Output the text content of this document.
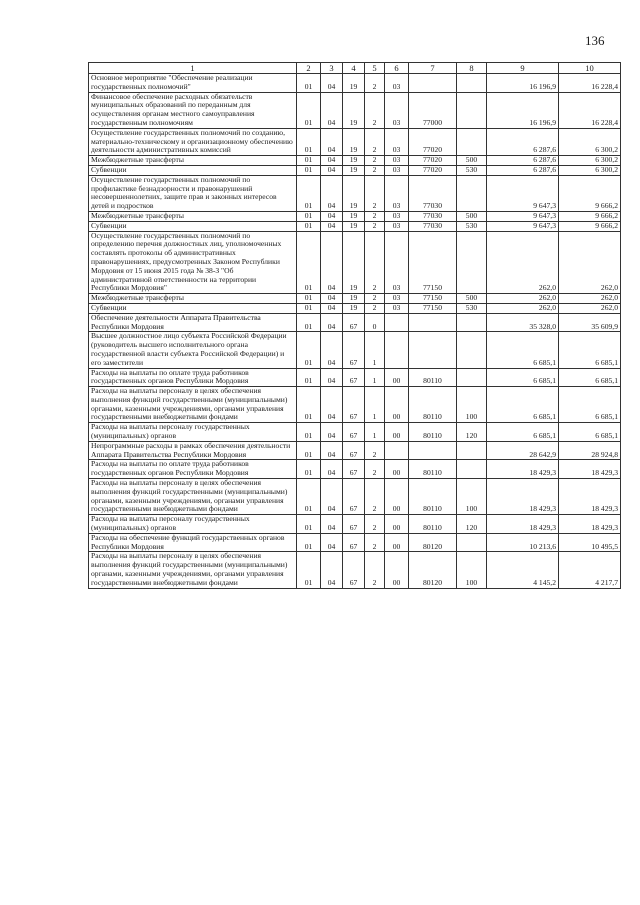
136
1	2	3	4	5	6	7	8	9	10
Основное мероприятие "Обеспечение реализации государственных полномочий"	01	04	19	2	03			16 196,9	16 228,4
Финансовое обеспечение расходных обязательств муниципальных образований по переданным для осуществления органам местного самоуправления государственным полномочиям	01	04	19	2	03	77000		16 196,9	16 228,4
Осуществление государственных полномочий по созданию, материально-техническому и организационному обеспечению деятельности административных комиссий	01	04	19	2	03	77020		6 287,6	6 300,2
Межбюджетные трансферты	01	04	19	2	03	77020	500	6 287,6	6 300,2
Субвенции	01	04	19	2	03	77020	530	6 287,6	6 300,2
Осуществление государственных полномочий по профилактике безнадзорности и правонарушений несовершеннолетних, защите прав и законных интересов детей и подростков	01	04	19	2	03	77030		9 647,3	9 666,2
Межбюджетные трансферты	01	04	19	2	03	77030	500	9 647,3	9 666,2
Субвенции	01	04	19	2	03	77030	530	9 647,3	9 666,2
Осуществление государственных полномочий по определению перечня должностных лиц, уполномоченных составлять протоколы об административных правонарушениях, предусмотренных Законом Республики Мордовия от 15 июня 2015 года № 38-З "Об административной ответственности на территории Республики Мордовия"	01	04	19	2	03	77150		262,0	262,0
Межбюджетные трансферты	01	04	19	2	03	77150	500	262,0	262,0
Субвенции	01	04	19	2	03	77150	530	262,0	262,0
Обеспечение деятельности Аппарата Правительства Республики Мордовия	01	04	67	0				35 328,0	35 609,9
Высшее должностное лицо субъекта Российской Федерации (руководитель высшего исполнительного органа государственной власти субъекта Российской Федерации) и его заместители	01	04	67	1				6 685,1	6 685,1
Расходы на выплаты по оплате труда работников государственных органов Республики Мордовия	01	04	67	1	00	80110		6 685,1	6 685,1
Расходы на выплаты персоналу в целях обеспечения выполнения функций государственными (муниципальными) органами, казенными учреждениями, органами управления государственными внебюджетными фондами	01	04	67	1	00	80110	100	6 685,1	6 685,1
Расходы на выплаты персоналу государственных (муниципальных) органов	01	04	67	1	00	80110	120	6 685,1	6 685,1
Непрограммные расходы в рамках обеспечения деятельности Аппарата Правительства Республики Мордовия	01	04	67	2				28 642,9	28 924,8
Расходы на выплаты по оплате труда работников государственных органов Республики Мордовия	01	04	67	2	00	80110		18 429,3	18 429,3
Расходы на выплаты персоналу в целях обеспечения выполнения функций государственными (муниципальными) органами, казенными учреждениями, органами управления государственными внебюджетными фондами	01	04	67	2	00	80110	100	18 429,3	18 429,3
Расходы на выплаты персоналу государственных (муниципальных) органов	01	04	67	2	00	80110	120	18 429,3	18 429,3
Расходы на обеспечение функций государственных органов Республики Мордовия	01	04	67	2	00	80120		10 213,6	10 495,5
Расходы на выплаты персоналу в целях обеспечения выполнения функций государственными (муниципальными) органами, казенными учреждениями, органами управления государственными внебюджетными фондами	01	04	67	2	00	80120	100	4 145,2	4 217,7
